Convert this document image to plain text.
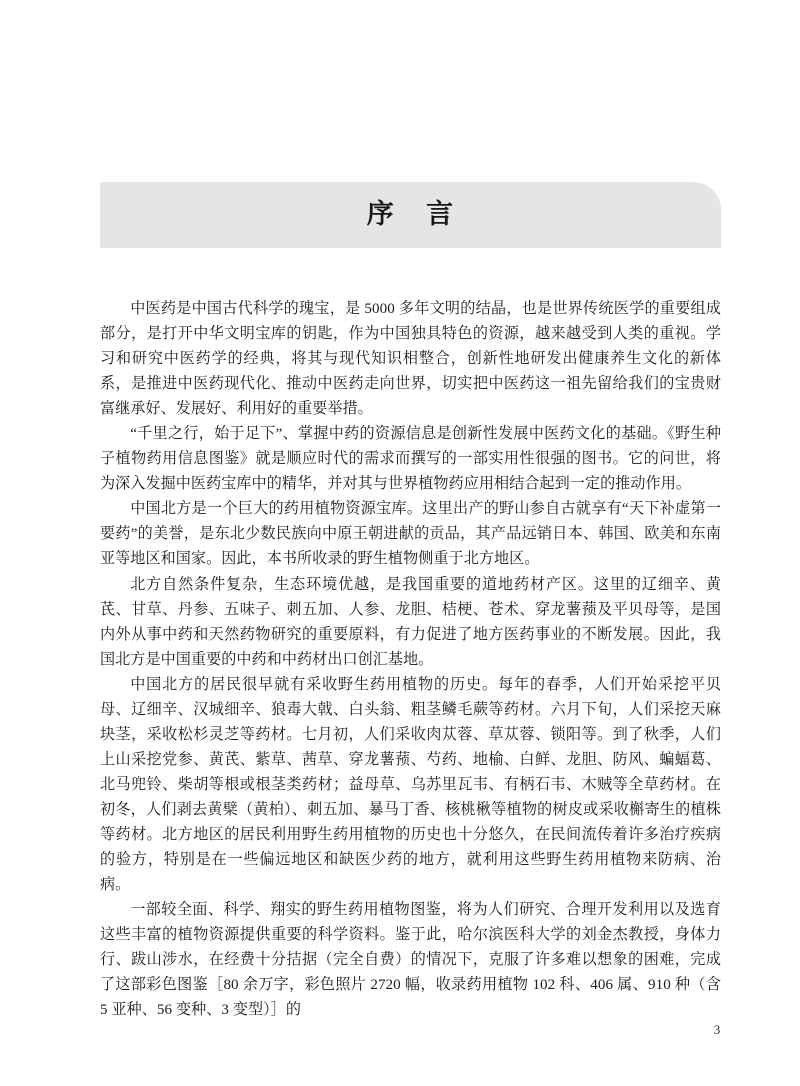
序　言

中医药是中国古代科学的瑰宝，是 5000 多年文明的结晶，也是世界传统医学的重要组成部分，是打开中华文明宝库的钥匙，作为中国独具特色的资源，越来越受到人类的重视。学习和研究中医药学的经典，将其与现代知识相整合，创新性地研发出健康养生文化的新体系，是推进中医药现代化、推动中医药走向世界，切实把中医药这一祖先留给我们的宝贵财富继承好、发展好、利用好的重要举措。

“千里之行，始于足下”、掌握中药的资源信息是创新性发展中医药文化的基础。《野生种子植物药用信息图鉴》就是顺应时代的需求而撰写的一部实用性很强的图书。它的问世，将为深入发掘中医药宝库中的精华，并对其与世界植物药应用相结合起到一定的推动作用。

中国北方是一个巨大的药用植物资源宝库。这里出产的野山参自古就享有“天下补虚第一要药”的美誉，是东北少数民族向中原王朝进献的贡品，其产品远销日本、韩国、欧美和东南亚等地区和国家。因此，本书所收录的野生植物侧重于北方地区。

北方自然条件复杂，生态环境优越，是我国重要的道地药材产区。这里的辽细辛、黄芪、甘草、丹参、五味子、刺五加、人参、龙胆、桔梗、苍术、穿龙薯蓣及平贝母等，是国内外从事中药和天然药物研究的重要原料，有力促进了地方医药事业的不断发展。因此，我国北方是中国重要的中药和中药材出口创汇基地。

中国北方的居民很早就有采收野生药用植物的历史。每年的春季，人们开始采挖平贝母、辽细辛、汉城细辛、狼毒大戟、白头翁、粗茎鳞毛蕨等药材。六月下旬，人们采挖天麻块茎，采收松杉灵芝等药材。七月初，人们采收肉苁蓉、草苁蓉、锁阳等。到了秋季，人们上山采挖党参、黄芪、紫草、茜草、穿龙薯蓣、芍药、地榆、白鲜、龙胆、防风、蝙蝠葛、北马兜铃、柴胡等根或根茎类药材；益母草、乌苏里瓦韦、有柄石韦、木贼等全草药材。在初冬，人们剥去黄檗（黄柏）、刺五加、暴马丁香、核桃楸等植物的树皮或采收槲寄生的植株等药材。北方地区的居民利用野生药用植物的历史也十分悠久，在民间流传着许多治疗疾病的验方，特别是在一些偏远地区和缺医少药的地方，就利用这些野生药用植物来防病、治病。

一部较全面、科学、翔实的野生药用植物图鉴，将为人们研究、合理开发利用以及选育这些丰富的植物资源提供重要的科学资料。鉴于此，哈尔滨医科大学的刘金杰教授，身体力行、跋山涉水，在经费十分拮据（完全自费）的情况下，克服了许多难以想象的困难，完成了这部彩色图鉴［80 余万字，彩色照片 2720 幅，收录药用植物 102 科、406 属、910 种（含 5 亚种、56 变种、3 变型）］的

3
